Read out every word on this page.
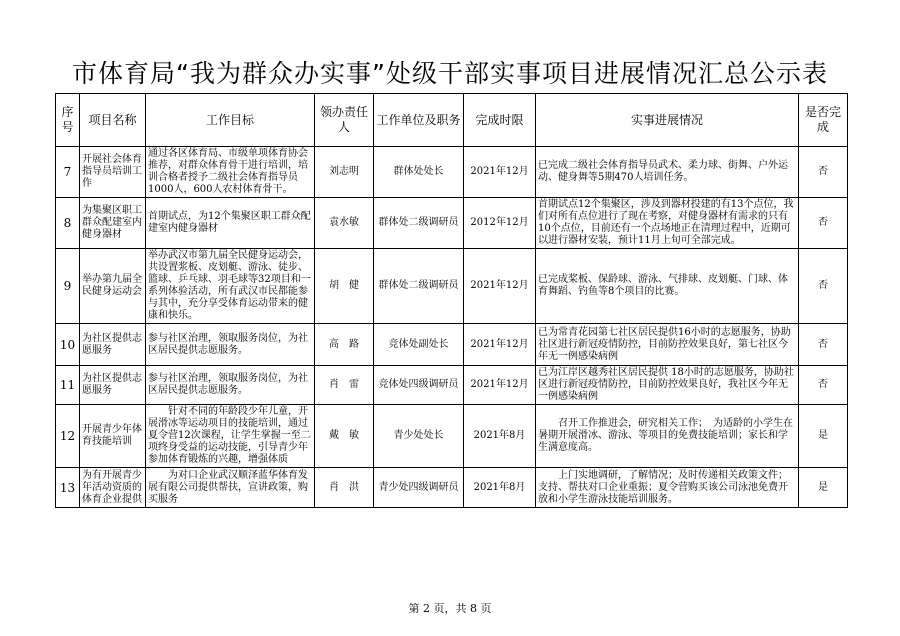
市体育局“我为群众办实事”处级干部实事项目进展情况汇总公示表
序号	项目名称	工作目标	领办责任人	工作单位及职务	完成时限	实事进展情况	是否完成
7	开展社会体育指导员培训工作	通过各区体育局、市级单项体育协会推荐，对群众体育骨干进行培训，培训合格者授予二级社会体育指导员1000人，600人农村体育骨干。	刘志明	群体处处长	2021年12月	已完成二级社会体育指导员武术、柔力球、街舞、户外运动、健身舞等5期470人培训任务。	否
8	为集聚区职工群众配建室内健身器材	首期试点，为12个集聚区职工群众配建室内健身器材	袁水敏	群体处二级调研员	2012年12月	首期试点12个集聚区，涉及到器材投建的有13个点位，我们对所有点位进行了现在考察，对健身器材有需求的只有10个点位，目前还有一个点场地正在清理过程中，近期可以进行器材安装，预计11月上旬可全部完成。	否
9	举办第九届全民健身运动会	举办武汉市第九届全民健身运动会，共设置浆板、皮划艇、游泳、徒步、篮球、乒乓球、羽毛球等32项目和一系列体验活动，所有武汉市民都能参与其中，充分享受体育运动带来的健康和快乐。	胡　健	群体处二级调研员	2021年12月	已完成桨板、保龄球、游泳、气排球、皮划艇、门球、体育舞蹈、钓鱼等8个项目的比赛。	否
10	为社区提供志愿服务	参与社区治理，领取服务岗位，为社区居民提供志愿服务。	高　路	竞体处副处长	2021年12月	已为常青花园第七社区居民提供16小时的志愿服务，协助社区进行新冠疫情防控，目前防控效果良好，第七社区今年无一例感染病例	否
11	为社区提供志愿服务	参与社区治理，领取服务岗位，为社区居民提供志愿服务。	肖　雷	竞体处四级调研员	2021年12月	已为江岸区越秀社区居民提供 18小时的志愿服务，协助社区进行新冠疫情防控，目前防控效果良好，我社区今年无一例感染病例	否
12	开展青少年体育技能培训	　　针对不同的年龄段少年儿童，开展滑冰等运动项目的技能培训，通过夏令营12次课程，让学生掌握一至二项终身受益的运动技能，引导青少年参加体育锻炼的兴趣，增强体质	戴　敏	青少处处长	2021年8月	　　召开工作推进会，研究相关工作；　为适龄的小学生在暑期开展滑冰、游泳、等项目的免费技能培训；家长和学生满意度高。	是
13	为有开展青少年活动资质的体育企业提供	　　为对口企业武汉顺泽蓝华体育发展有限公司提供帮扶，宣讲政策，购买服务	肖　洪	青少处四级调研员	2021年8月	　　上门实地调研，了解情况；及时传递相关政策文件；支持、帮扶对口企业重振；夏令营购买该公司泳池免费开放和小学生游泳技能培训服务。	是
第 2 页，共 8 页
